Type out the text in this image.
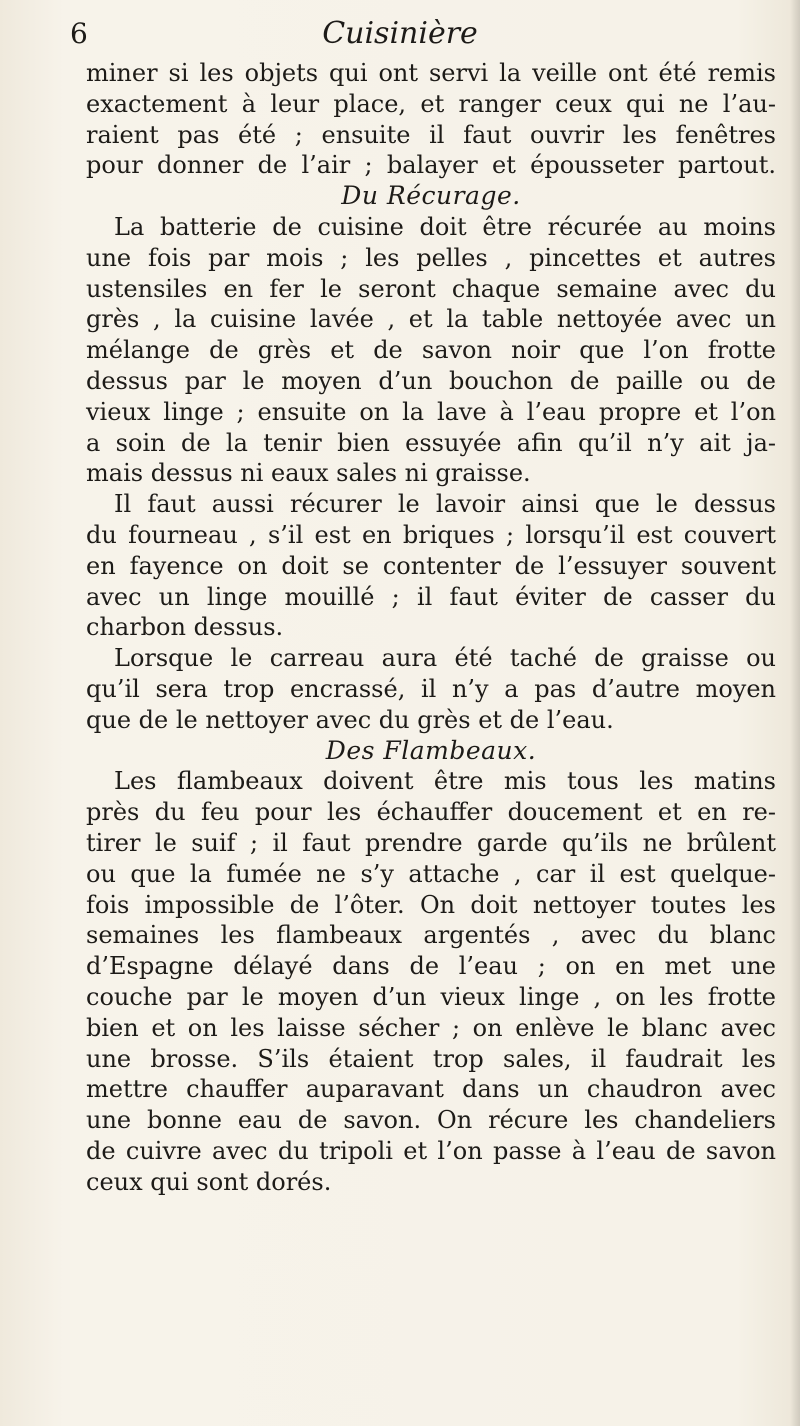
6	Cuisinière
miner si les objets qui ont servi la veille ont été remis
exactement à leur place, et ranger ceux qui ne l’au-
raient pas été ; ensuite il faut ouvrir les fenêtres
pour donner de l’air ; balayer et épousseter partout.
Du Récurage.
La batterie de cuisine doit être récurée au moins
une fois par mois ; les pelles , pincettes et autres
ustensiles en fer le seront chaque semaine avec du
grès , la cuisine lavée , et la table nettoyée avec un
mélange de grès et de savon noir que l’on frotte
dessus par le moyen d’un bouchon de paille ou de
vieux linge ; ensuite on la lave à l’eau propre et l’on
a soin de la tenir bien essuyée afin qu’il n’y ait ja-
mais dessus ni eaux sales ni graisse.
Il faut aussi récurer le lavoir ainsi que le dessus
du fourneau , s’il est en briques ; lorsqu’il est couvert
en fayence on doit se contenter de l’essuyer souvent
avec un linge mouillé ; il faut éviter de casser du
charbon dessus.
Lorsque le carreau aura été taché de graisse ou
qu’il sera trop encrassé, il n’y a pas d’autre moyen
que de le nettoyer avec du grès et de l’eau.
Des Flambeaux.
Les flambeaux doivent être mis tous les matins
près du feu pour les échauffer doucement et en re-
tirer le suif ; il faut prendre garde qu’ils ne brûlent
ou que la fumée ne s’y attache , car il est quelque-
fois impossible de l’ôter. On doit nettoyer toutes les
semaines les flambeaux argentés , avec du blanc
d’Espagne délayé dans de l’eau ; on en met une
couche par le moyen d’un vieux linge , on les frotte
bien et on les laisse sécher ; on enlève le blanc avec
une brosse. S’ils étaient trop sales, il faudrait les
mettre chauffer auparavant dans un chaudron avec
une bonne eau de savon. On récure les chandeliers
de cuivre avec du tripoli et l’on passe à l’eau de savon
ceux qui sont dorés.
